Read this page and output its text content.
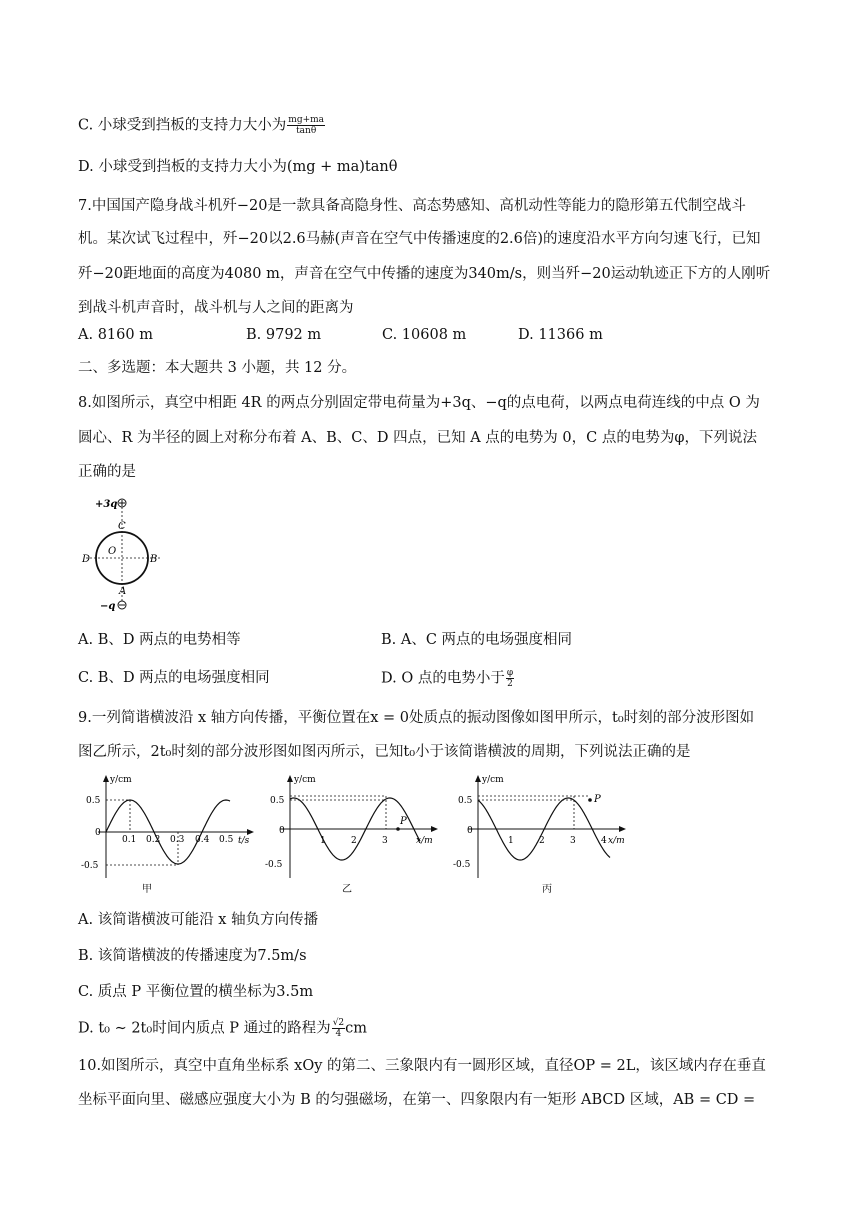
C. 小球受到挡板的支持力大小为 $\frac{mg+ma}{\tan\theta}$
D. 小球受到挡板的支持力大小为(mg + ma)tanθ
7.中国国产隐身战斗机歼−20是一款具备高隐身性、高态势感知、高机动性等能力的隐形第五代制空战斗
机。某次试飞过程中，歼−20以2.6马赫(声音在空气中传播速度的2.6倍)的速度沿水平方向匀速飞行，已知
歼−20距地面的高度为4080 m，声音在空气中传播的速度为340m/s，则当歼−20运动轨迹正下方的人刚听
到战斗机声音时，战斗机与人之间的距离为
A. 8160 m	B. 9792 m	C. 10608 m	D. 11366 m
二、多选题：本大题共 3 小题，共 12 分。
8.如图所示，真空中相距 4R 的两点分别固定带电荷量为+3q、−q的点电荷，以两点电荷连线的中点 O 为
圆心、R 为半径的圆上对称分布着 A、B、C、D 四点，已知 A 点的电势为 0，C 点的电势为φ，下列说法
正确的是
+3q
C
O
D	B
A
−q
A. B、D 两点的电势相等	B. A、C 两点的电场强度相同
C. B、D 两点的电场强度相同	D. O 点的电势小于 $\frac{\varphi}{2}$
9.一列简谐横波沿 x 轴方向传播，平衡位置在x = 0处质点的振动图像如图甲所示，t₀时刻的部分波形图如
图乙所示，2t₀时刻的部分波形图如图丙所示，已知t₀小于该简谐横波的周期，下列说法正确的是
y/cm
t/s
0.5
0
-0.5
0.1 0.2 0.3 0.4 0.5
甲
y/cm
x/m
0.5
0
-0.5
P
1	2	3
乙
y/cm
x/m
0.5
0
-0.5
P
1	2	3	4
丙
A. 该简谐横波可能沿 x 轴负方向传播
B. 该简谐横波的传播速度为7.5m/s
C. 质点 P 平衡位置的横坐标为3.5m
D. t₀ ∼ 2t₀时间内质点 P 通过的路程为 $\frac{√2}{4}$ cm
10.如图所示，真空中直角坐标系 xOy 的第二、三象限内有一圆形区域，直径OP = 2L，该区域内存在垂直
坐标平面向里、磁感应强度大小为 B 的匀强磁场，在第一、四象限内有一矩形 ABCD 区域，AB = CD =
